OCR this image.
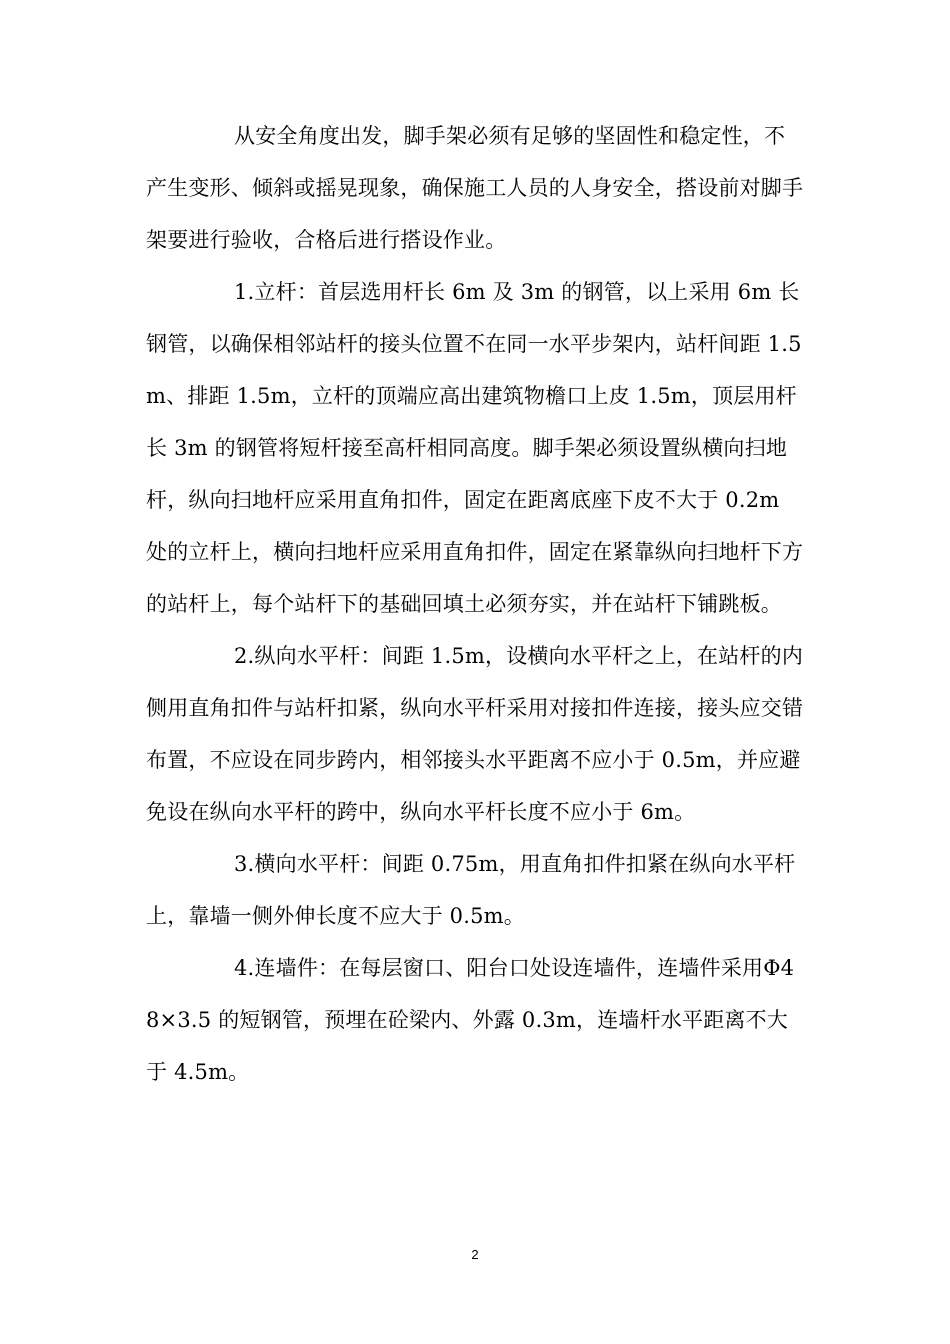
从安全角度出发，脚手架必须有足够的坚固性和稳定性，不产生变形、倾斜或摇晃现象，确保施工人员的人身安全，搭设前对脚手架要进行验收，合格后进行搭设作业。

1.立杆：首层选用杆长 6m 及 3m 的钢管，以上采用 6m 长钢管，以确保相邻站杆的接头位置不在同一水平步架内，站杆间距 1.5m、排距 1.5m，立杆的顶端应高出建筑物檐口上皮 1.5m，顶层用杆长 3m 的钢管将短杆接至高杆相同高度。脚手架必须设置纵横向扫地杆，纵向扫地杆应采用直角扣件，固定在距离底座下皮不大于 0.2m 处的立杆上，横向扫地杆应采用直角扣件，固定在紧靠纵向扫地杆下方的站杆上，每个站杆下的基础回填土必须夯实，并在站杆下铺跳板。

2.纵向水平杆：间距 1.5m，设横向水平杆之上，在站杆的内侧用直角扣件与站杆扣紧，纵向水平杆采用对接扣件连接，接头应交错布置，不应设在同步跨内，相邻接头水平距离不应小于 0.5m，并应避免设在纵向水平杆的跨中，纵向水平杆长度不应小于 6m。

3.横向水平杆：间距 0.75m，用直角扣件扣紧在纵向水平杆上，靠墙一侧外伸长度不应大于 0.5m。

4.连墙件：在每层窗口、阳台口处设连墙件，连墙件采用Φ48×3.5 的短钢管，预埋在砼梁内、外露 0.3m，连墙杆水平距离不大于 4.5m。

2
